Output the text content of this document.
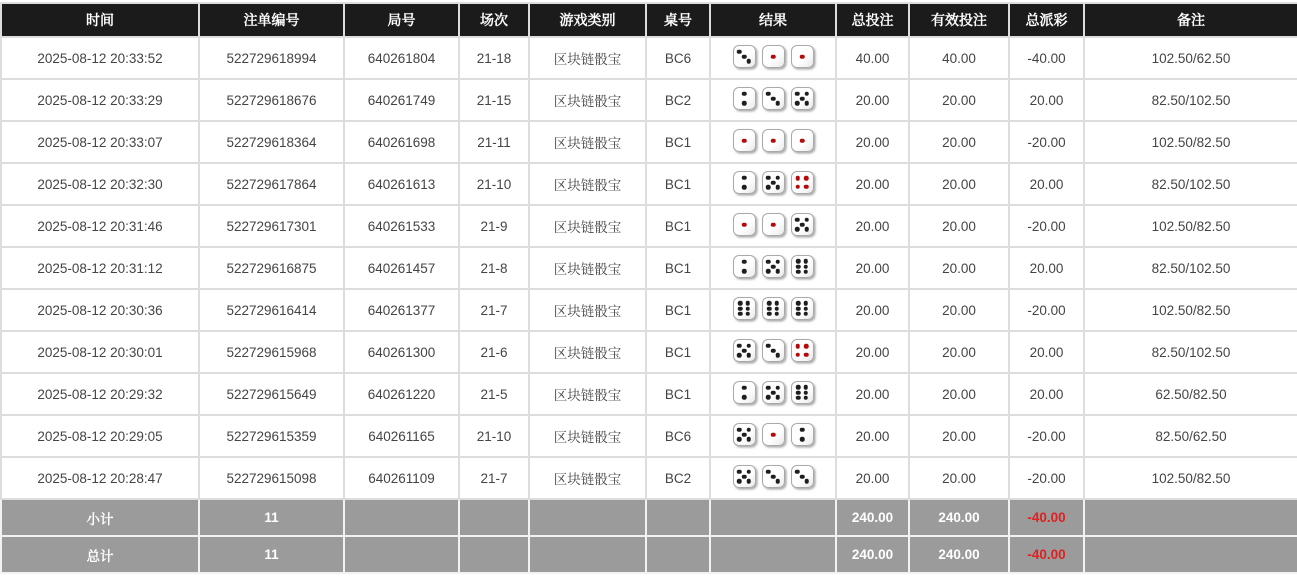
时间	注单编号	局号	场次	游戏类别	桌号	结果	总投注	有效投注	总派彩	备注
2025-08-12 20:33:52	522729618994	640261804	21-18	区块链骰宝	BC6		40.00	40.00	-40.00	102.50/62.50
2025-08-12 20:33:29	522729618676	640261749	21-15	区块链骰宝	BC2		20.00	20.00	20.00	82.50/102.50
2025-08-12 20:33:07	522729618364	640261698	21-11	区块链骰宝	BC1		20.00	20.00	-20.00	102.50/82.50
2025-08-12 20:32:30	522729617864	640261613	21-10	区块链骰宝	BC1		20.00	20.00	20.00	82.50/102.50
2025-08-12 20:31:46	522729617301	640261533	21-9	区块链骰宝	BC1		20.00	20.00	-20.00	102.50/82.50
2025-08-12 20:31:12	522729616875	640261457	21-8	区块链骰宝	BC1		20.00	20.00	20.00	82.50/102.50
2025-08-12 20:30:36	522729616414	640261377	21-7	区块链骰宝	BC1		20.00	20.00	-20.00	102.50/82.50
2025-08-12 20:30:01	522729615968	640261300	21-6	区块链骰宝	BC1		20.00	20.00	20.00	82.50/102.50
2025-08-12 20:29:32	522729615649	640261220	21-5	区块链骰宝	BC1		20.00	20.00	20.00	62.50/82.50
2025-08-12 20:29:05	522729615359	640261165	21-10	区块链骰宝	BC6		20.00	20.00	-20.00	82.50/62.50
2025-08-12 20:28:47	522729615098	640261109	21-7	区块链骰宝	BC2		20.00	20.00	-20.00	102.50/82.50
小计	11						240.00	240.00	-40.00	
总计	11						240.00	240.00	-40.00	
